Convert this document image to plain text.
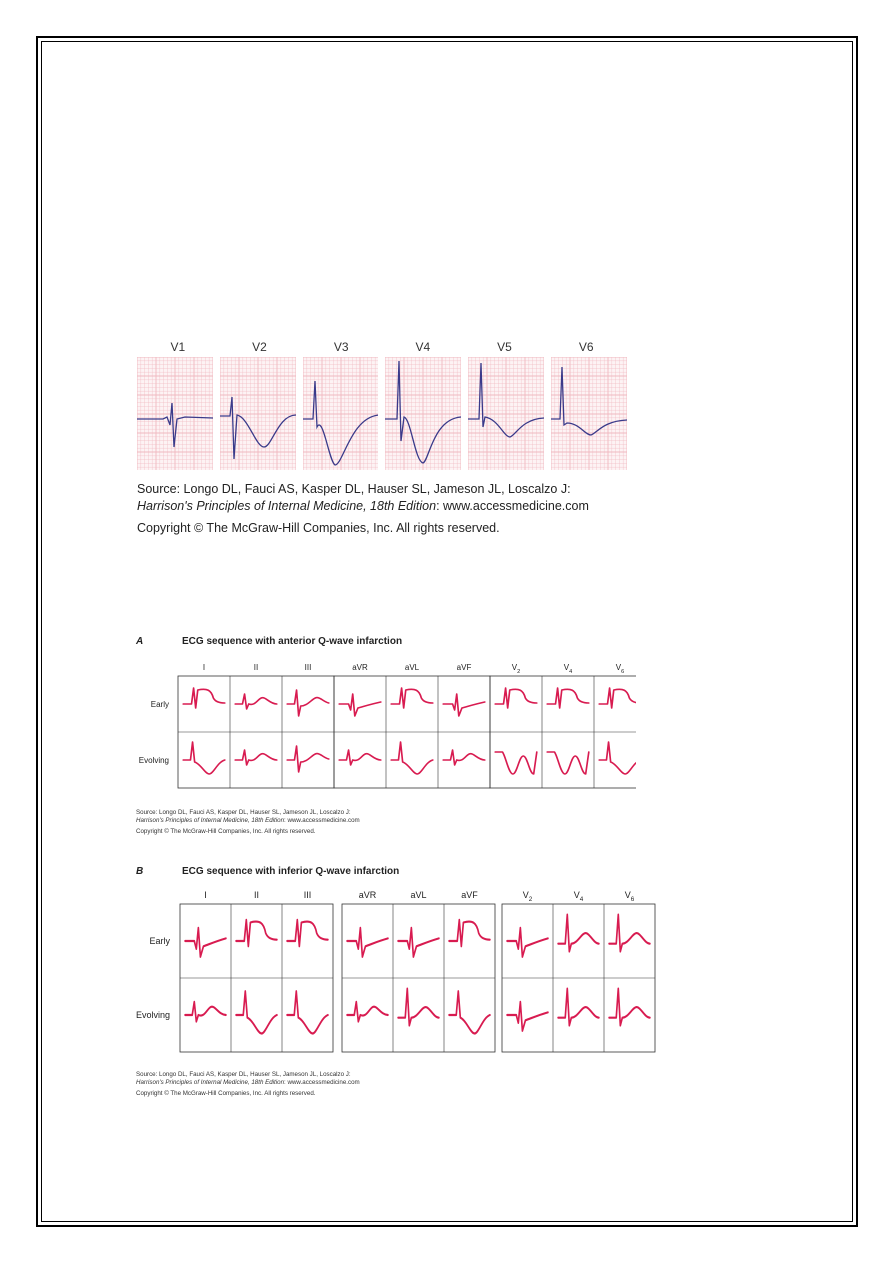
V1	V2	V3	V4	V5	V6
Source: Longo DL, Fauci AS, Kasper DL, Hauser SL, Jameson JL, Loscalzo J: Harrison's Principles of Internal Medicine, 18th Edition: www.accessmedicine.com
Copyright © The McGraw-Hill Companies, Inc. All rights reserved.
A	ECG sequence with anterior Q-wave infarction
I	II	III	aVR	aVL	aVF	$V_2$	$V_4$	$V_6$
Early
Evolving
Source: Longo DL, Fauci AS, Kasper DL, Hauser SL, Jameson JL, Loscalzo J:
Harrison's Principles of Internal Medicine, 18th Edition: www.accessmedicine.com
Copyright © The McGraw-Hill Companies, Inc. All rights reserved.
B	ECG sequence with inferior Q-wave infarction
I	II	III	aVR	aVL	aVF	$V_2$	$V_4$	$V_6$
Early
Evolving
Source: Longo DL, Fauci AS, Kasper DL, Hauser SL, Jameson JL, Loscalzo J:
Harrison's Principles of Internal Medicine, 18th Edition: www.accessmedicine.com
Copyright © The McGraw-Hill Companies, Inc. All rights reserved.
